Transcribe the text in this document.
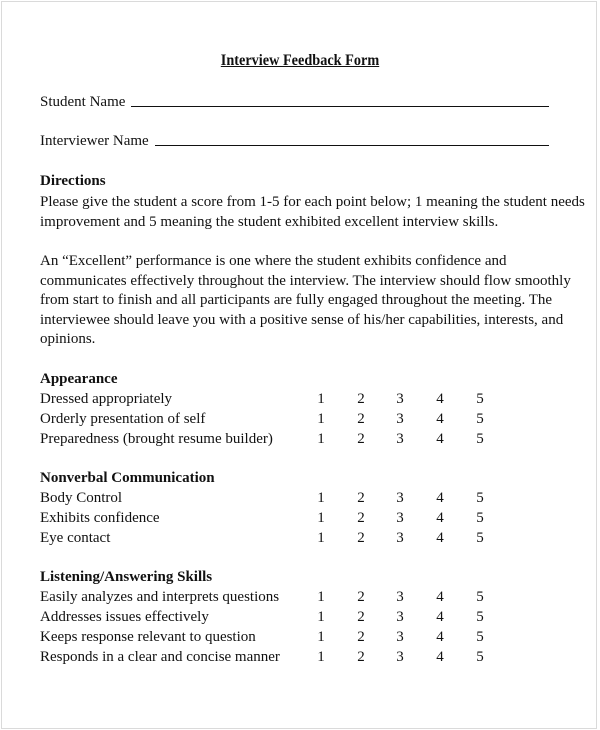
Interview Feedback Form
Student Name
Interviewer Name
Directions
Please give the student a score from 1-5 for each point below; 1 meaning the student needs
improvement and 5 meaning the student exhibited excellent interview skills.
An “Excellent” performance is one where the student exhibits confidence and
communicates effectively throughout the interview. The interview should flow smoothly
from start to finish and all participants are fully engaged throughout the meeting. The
interviewee should leave you with a positive sense of his/her capabilities, interests, and
opinions.
Appearance
Dressed appropriately	1 2 3 4 5
Orderly presentation of self	1 2 3 4 5
Preparedness (brought resume builder)	1 2 3 4 5
Nonverbal Communication
Body Control	1 2 3 4 5
Exhibits confidence	1 2 3 4 5
Eye contact	1 2 3 4 5
Listening/Answering Skills
Easily analyzes and interprets questions	1 2 3 4 5
Addresses issues effectively	1 2 3 4 5
Keeps response relevant to question	1 2 3 4 5
Responds in a clear and concise manner 1 2 3 4 5
